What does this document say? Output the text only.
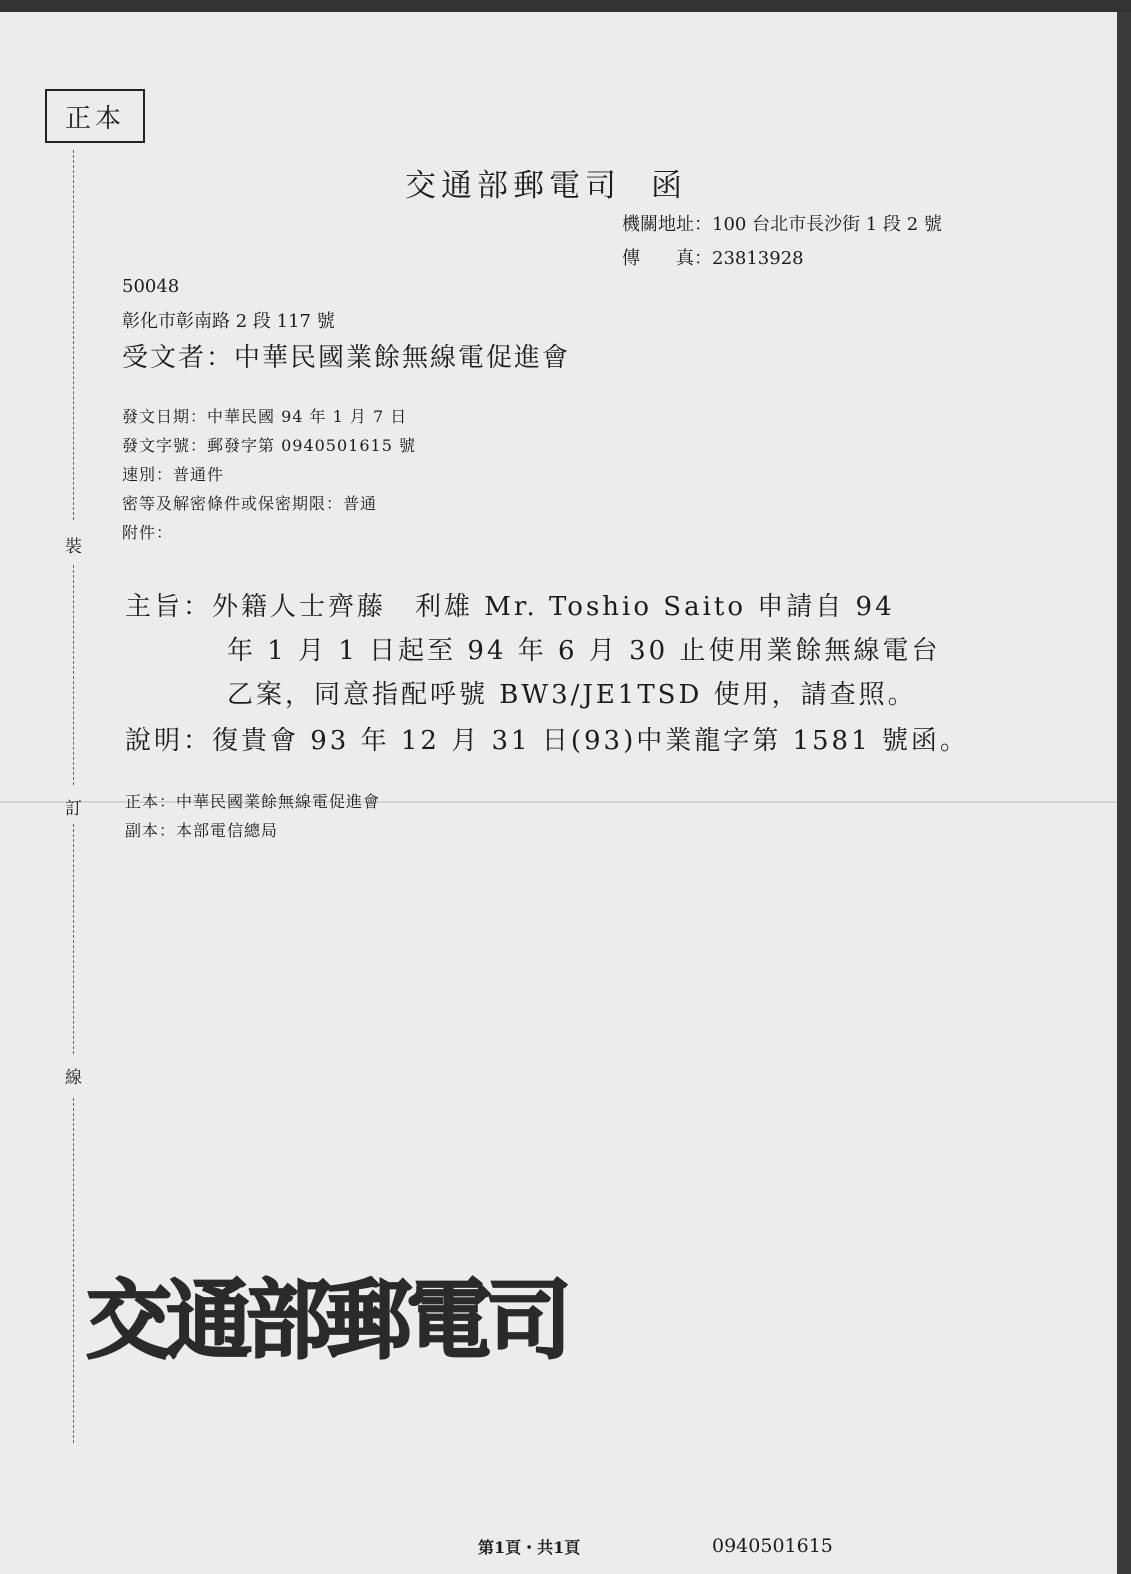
正本
裝
訂
線
交通部郵電司 函
機關地址：100 台北市長沙街 1 段 2 號
傳　　真：23813928
50048
彰化市彰南路 2 段 117 號
受文者：中華民國業餘無線電促進會
發文日期：中華民國 94 年 1 月 7 日
發文字號：郵發字第 0940501615 號
速別：普通件
密等及解密條件或保密期限：普通
附件：
主旨：外籍人士齊藤　利雄 Mr. Toshio Saito 申請自 94
年 1 月 1 日起至 94 年 6 月 30 止使用業餘無線電台
乙案，同意指配呼號 BW3/JE1TSD 使用，請查照。
說明：復貴會 93 年 12 月 31 日(93)中業龍字第 1581 號函。
正本：中華民國業餘無線電促進會
副本：本部電信總局
交通部郵電司
第1頁・共1頁	0940501615
